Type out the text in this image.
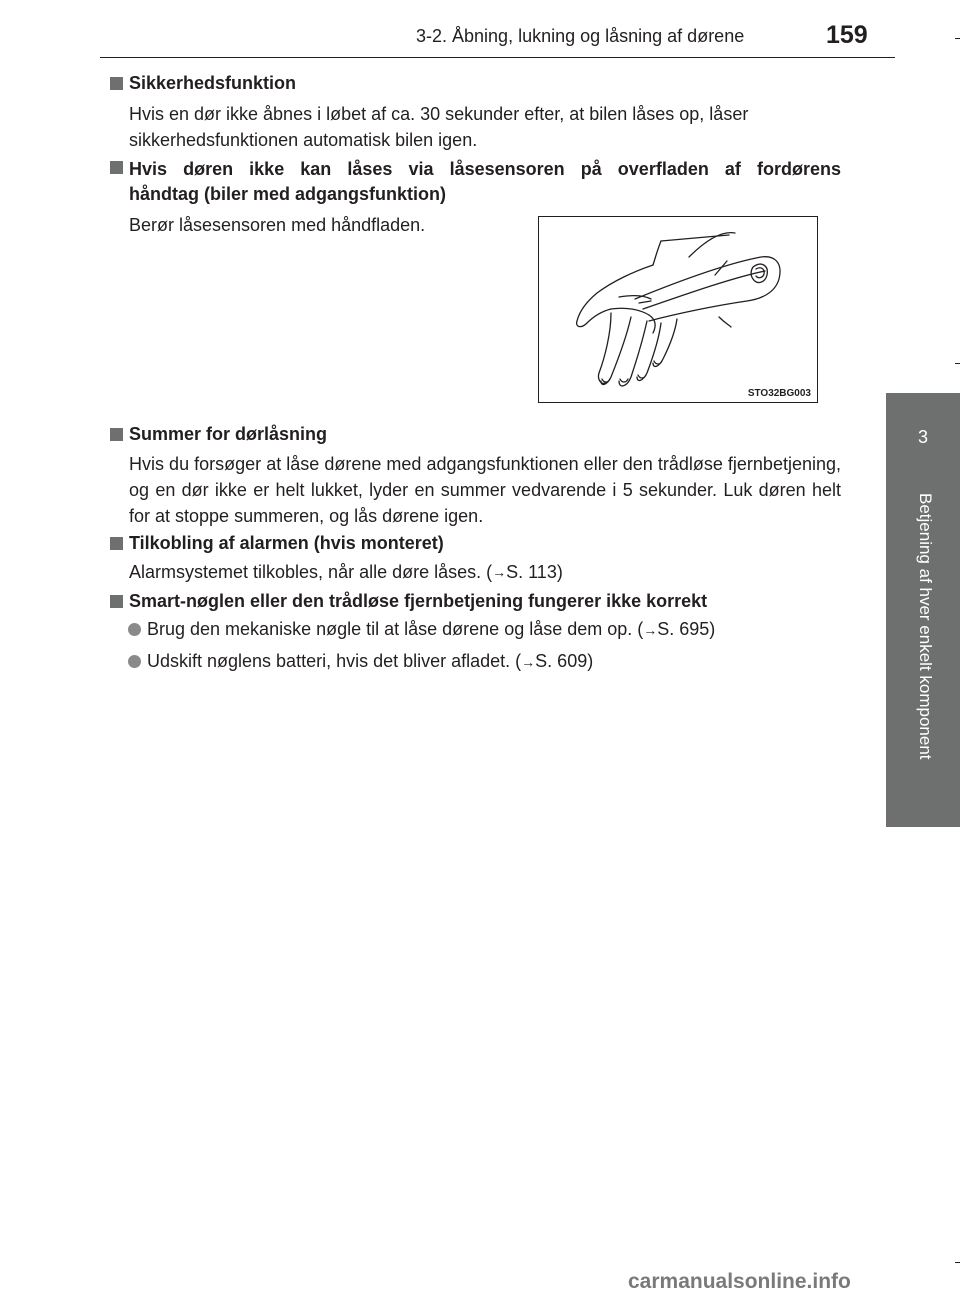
3-2. Åbning, lukning og låsning af dørene	159
3
Betjening af hver enkelt komponent
Sikkerhedsfunktion
Hvis en dør ikke åbnes i løbet af ca. 30 sekunder efter, at bilen låses op, låser sikkerhedsfunktionen automatisk bilen igen.
Hvis døren ikke kan låses via låsesensoren på overfladen af fordørens
håndtag (biler med adgangsfunktion)
Berør låsesensoren med håndfladen.
STO32BG003
Summer for dørlåsning
Hvis du forsøger at låse dørene med adgangsfunktionen eller den trådløse fjernbetjening, og en dør ikke er helt lukket, lyder en summer vedvarende i 5 sekunder. Luk døren helt for at stoppe summeren, og lås dørene igen.
Tilkobling af alarmen (hvis monteret)
Alarmsystemet tilkobles, når alle døre låses. (→S. 113)
Smart-nøglen eller den trådløse fjernbetjening fungerer ikke korrekt
Brug den mekaniske nøgle til at låse dørene og låse dem op. ( → S. 695)
Udskift nøglens batteri, hvis det bliver afladet. ( → S. 609)
carmanualsonline.info
